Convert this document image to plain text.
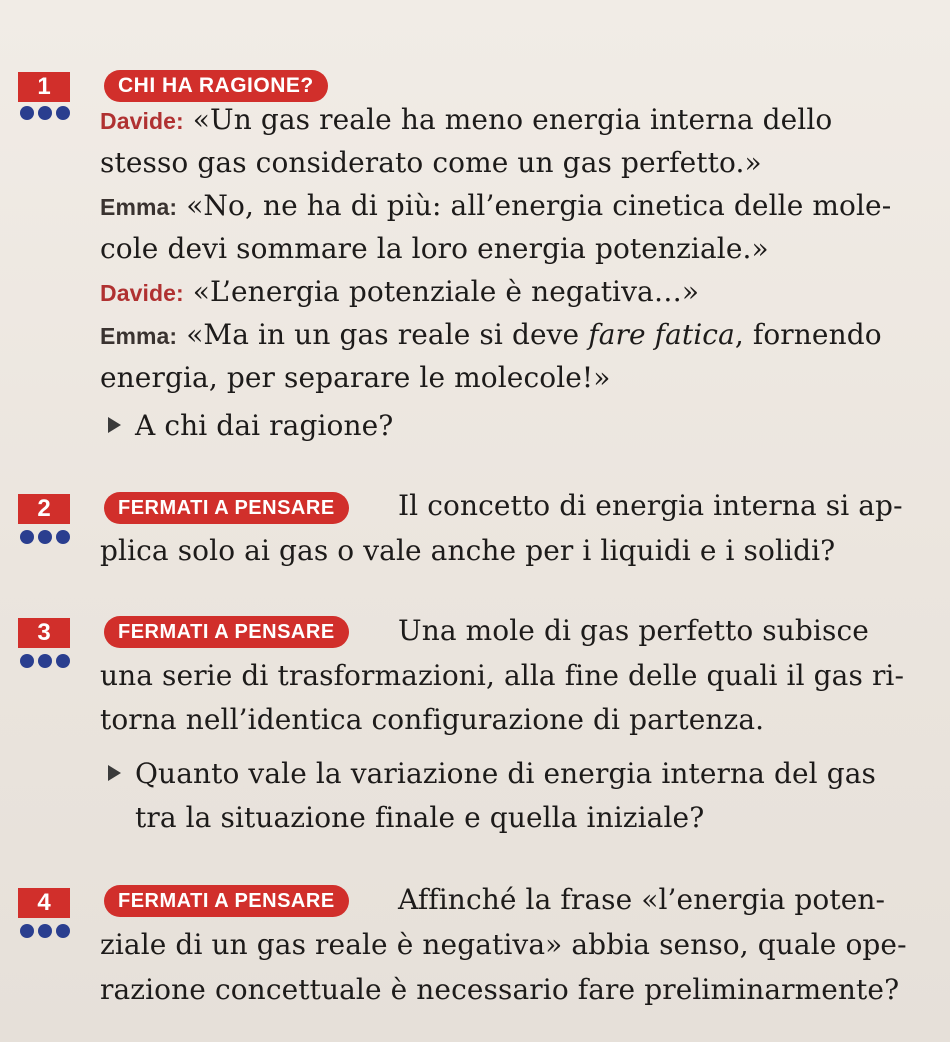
1	CHI HA RAGIONE?
Davide: «Un gas reale ha meno energia interna dello
stesso gas considerato come un gas perfetto.»
Emma: «No, ne ha di più: all’energia cinetica delle mole-
cole devi sommare la loro energia potenziale.»
Davide: «L’energia potenziale è negativa…»
Emma: «Ma in un gas reale si deve fare fatica, fornendo
energia, per separare le molecole!»
A chi dai ragione?
2	FERMATI A PENSARE	Il concetto di energia interna si ap-
plica solo ai gas o vale anche per i liquidi e i solidi?
3	FERMATI A PENSARE	Una mole di gas perfetto subisce
una serie di trasformazioni, alla fine delle quali il gas ri-
torna nell’identica configurazione di partenza.
Quanto vale la variazione di energia interna del gas
tra la situazione finale e quella iniziale?
4	FERMATI A PENSARE	Affinché la frase «l’energia poten-
ziale di un gas reale è negativa» abbia senso, quale ope-
razione concettuale è necessario fare preliminarmente?
